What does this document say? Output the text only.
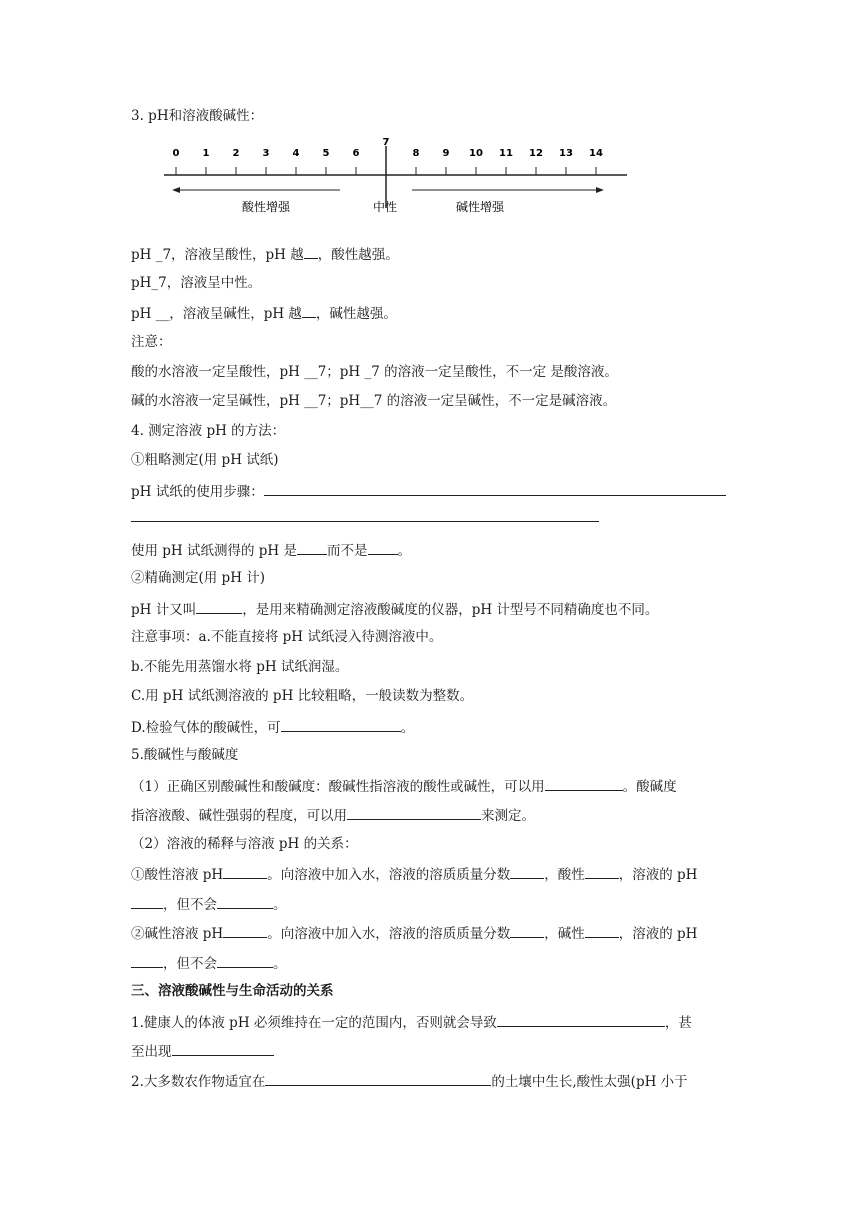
3. pH和溶液酸碱性：
0 1 2 3 4 5 6
7
8 9 10 11 12 13 14
酸性增强	中性	碱性增强
pH _7，溶液呈酸性，pH 越 ，酸性越强。
pH_7，溶液呈中性。
pH __，溶液呈碱性，pH 越 ，碱性越强。
注意：
酸的水溶液一定呈酸性，pH __7；pH _7 的溶液一定呈酸性，不一定 是酸溶液。
碱的水溶液一定呈碱性，pH __7；pH__7 的溶液一定呈碱性，不一定是碱溶液。
4. 测定溶液 pH 的方法：
①粗略测定(用 pH 试纸)
pH 试纸的使用步骤：
使用 pH 试纸测得的 pH 是 而不是 。
②精确测定(用 pH 计)
pH 计又叫	，是用来精确测定溶液酸碱度的仪器，pH 计型号不同精确度也不同。
注意事项：a.不能直接将 pH 试纸浸入待测溶液中。
b.不能先用蒸馏水将 pH 试纸润湿。
C.用 pH 试纸测溶液的 pH 比较粗略，一般读数为整数。
D.检验气体的酸碱性，可	。
5.酸碱性与酸碱度
（1）正确区别酸碱性和酸碱度：酸碱性指溶液的酸性或碱性，可以用	。酸碱度
指溶液酸、碱性强弱的程度，可以用	来测定。
（2）溶液的稀释与溶液 pH 的关系：
①酸性溶液 pH	。向溶液中加入水，溶液的溶质质量分数	，酸性	，溶液的 pH
，但不会	。
②碱性溶液 pH	。向溶液中加入水，溶液的溶质质量分数	，碱性	，溶液的 pH
，但不会	。
三、溶液酸碱性与生命活动的关系
1.健康人的体液 pH 必须维持在一定的范围内，否则就会导致	，甚
至出现
2.大多数农作物适宜在	的土壤中生长,酸性太强(pH 小于
